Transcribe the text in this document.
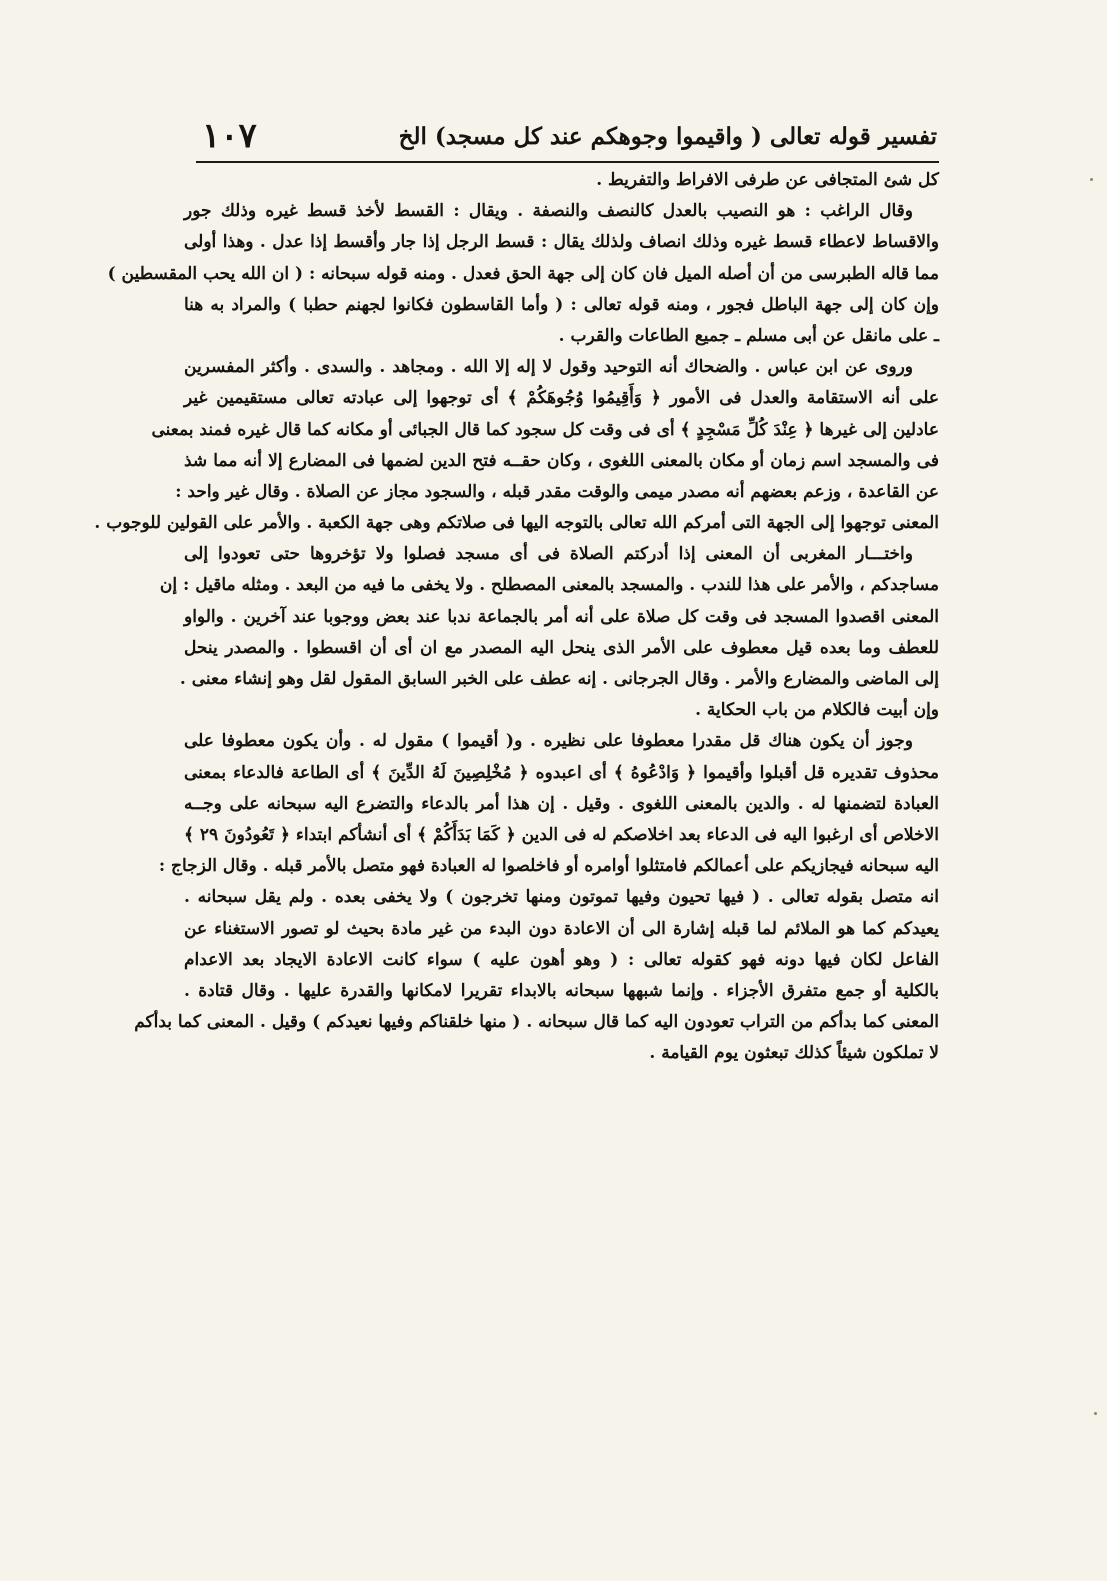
تفسير قوله تعالى ( واقيموا وجوهكم عند كل مسجد) الخ
١٠٧
كل شئ المتجافى عن طرفى الافراط والتفريط .
وقال الراغب : هو النصيب بالعدل كالنصف والنصفة . ويقال : القسط لأخذ قسط غيره وذلك جور
والاقساط لاعطاء قسط غيره وذلك انصاف ولذلك يقال : قسط الرجل إذا جار وأقسط إذا عدل . وهذا أولى
مما قاله الطبرسى من أن أصله الميل فان كان إلى جهة الحق فعدل . ومنه قوله سبحانه : ( ان الله يحب المقسطين )
وإن كان إلى جهة الباطل فجور ، ومنه قوله تعالى : ( وأما القاسطون فكانوا لجهنم حطبا ) والمراد به هنا
ـ على مانقل عن أبى مسلم ـ جميع الطاعات والقرب .
وروى عن ابن عباس . والضحاك أنه التوحيد وقول لا إله إلا الله . ومجاهد . والسدى . وأكثر المفسرين
على أنه الاستقامة والعدل فى الأمور ﴿ وَأَقِيمُوا وُجُوهَكُمْ ﴾ أى توجهوا إلى عبادته تعالى مستقيمين غير
عادلين إلى غيرها ﴿ عِنْدَ كُلِّ مَسْجِدٍ ﴾ أى فى وقت كل سجود كما قال الجبائى أو مكانه كما قال غيره فمند بمعنى
فى والمسجد اسم زمان أو مكان بالمعنى اللغوى ، وكان حقــه فتح الدين لضمها فى المضارع إلا أنه مما شذ
عن القاعدة ، وزعم بعضهم أنه مصدر ميمى والوقت مقدر قبله ، والسجود مجاز عن الصلاة . وقال غير واحد :
المعنى توجهوا إلى الجهة التى أمركم الله تعالى بالتوجه اليها فى صلاتكم وهى جهة الكعبة . والأمر على القولين للوجوب .
واختـــار المغربى أن المعنى إذا أدركتم الصلاة فى أى مسجد فصلوا ولا تؤخروها حتى تعودوا إلى
مساجدكم ، والأمر على هذا للندب . والمسجد بالمعنى المصطلح . ولا يخفى ما فيه من البعد . ومثله ماقيل : إن
المعنى اقصدوا المسجد فى وقت كل صلاة على أنه أمر بالجماعة ندبا عند بعض ووجوبا عند آخرين . والواو
للعطف وما بعده قيل معطوف على الأمر الذى ينحل اليه المصدر مع ان أى أن اقسطوا . والمصدر ينحل
إلى الماضى والمضارع والأمر . وقال الجرجانى . إنه عطف على الخبر السابق المقول لقل وهو إنشاء معنى .
وإن أبيت فالكلام من باب الحكاية .
وجوز أن يكون هناك قل مقدرا معطوفا على نظيره . و( أقيموا ) مقول له . وأن يكون معطوفا على
محذوف تقديره قل أقبلوا وأقيموا ﴿ وَادْعُوهُ ﴾ أى اعبدوه ﴿ مُخْلِصِينَ لَهُ الدِّينَ ﴾ أى الطاعة فالدعاء بمعنى
العبادة لتضمنها له . والدين بالمعنى اللغوى . وقيل . إن هذا أمر بالدعاء والتضرع اليه سبحانه على وجــه
الاخلاص أى ارغبوا اليه فى الدعاء بعد اخلاصكم له فى الدين ﴿ كَمَا بَدَأَكُمْ ﴾ أى أنشأكم ابتداء ﴿ تَعُودُونَ ٢٩ ﴾
اليه سبحانه فيجازيكم على أعمالكم فامتثلوا أوامره أو فاخلصوا له العبادة فهو متصل بالأمر قبله . وقال الزجاج :
انه متصل بقوله تعالى . ( فيها تحيون وفيها تموتون ومنها تخرجون ) ولا يخفى بعده . ولم يقل سبحانه .
يعيدكم كما هو الملائم لما قبله إشارة الى أن الاعادة دون البدء من غير مادة بحيث لو تصور الاستغناء عن
الفاعل لكان فيها دونه فهو كقوله تعالى : ( وهو أهون عليه ) سواء كانت الاعادة الايجاد بعد الاعدام
بالكلية أو جمع متفرق الأجزاء . وإنما شبهها سبحانه بالابداء تقريرا لامكانها والقدرة عليها . وقال قتادة .
المعنى كما بدأكم من التراب تعودون اليه كما قال سبحانه . ( منها خلقناكم وفيها نعيدكم ) وقيل . المعنى كما بدأكم
لا تملكون شيئاً كذلك تبعثون يوم القيامة .
